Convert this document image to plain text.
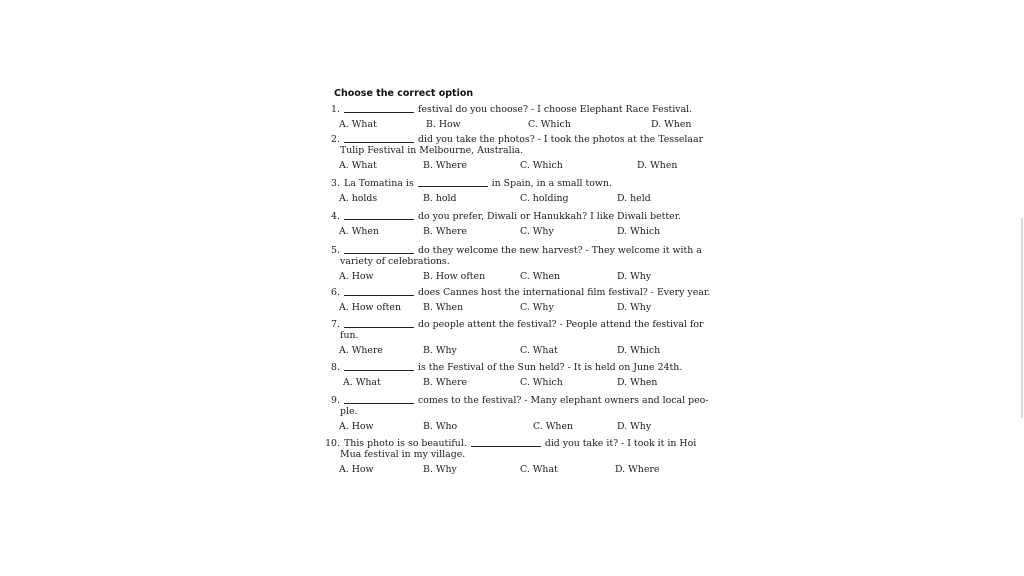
Choose the correct option
1.	festival do you choose? - I choose Elephant Race Festival.
A. What	B. How	C. Which	D. When
2.	did you take the photos? - I took the photos at the Tesselaar
Tulip Festival in Melbourne, Australia.
A. What	B. Where	C. Which	D. When
3. La Tomatina is	in Spain, in a small town.
A. holds	B. hold	C. holding	D. held
4.	do you prefer, Diwali or Hanukkah? I like Diwali better.
A. When	B. Where	C. Why	D. Which
5.	do they welcome the new harvest? - They welcome it with a
variety of celebrations.
A. How	B. How often	C. When	D. Why
6.	does Cannes host the international film festival? - Every year.
A. How often B. When	C. Why	D. Why
7.	do people attent the festival? - People attend the festival for
fun.
A. Where	B. Why	C. What	D. Which
8.	is the Festival of the Sun held? - It is held on June 24th.
A. What	B. Where	C. Which	D. When
9.	comes to the festival? - Many elephant owners and local peo-
ple.
A. How	B. Who	C. When	D. Why
10. This photo is so beautiful.	did you take it? - I took it in Hoi
Mua festival in my village.
A. How	B. Why	C. What	D. Where
